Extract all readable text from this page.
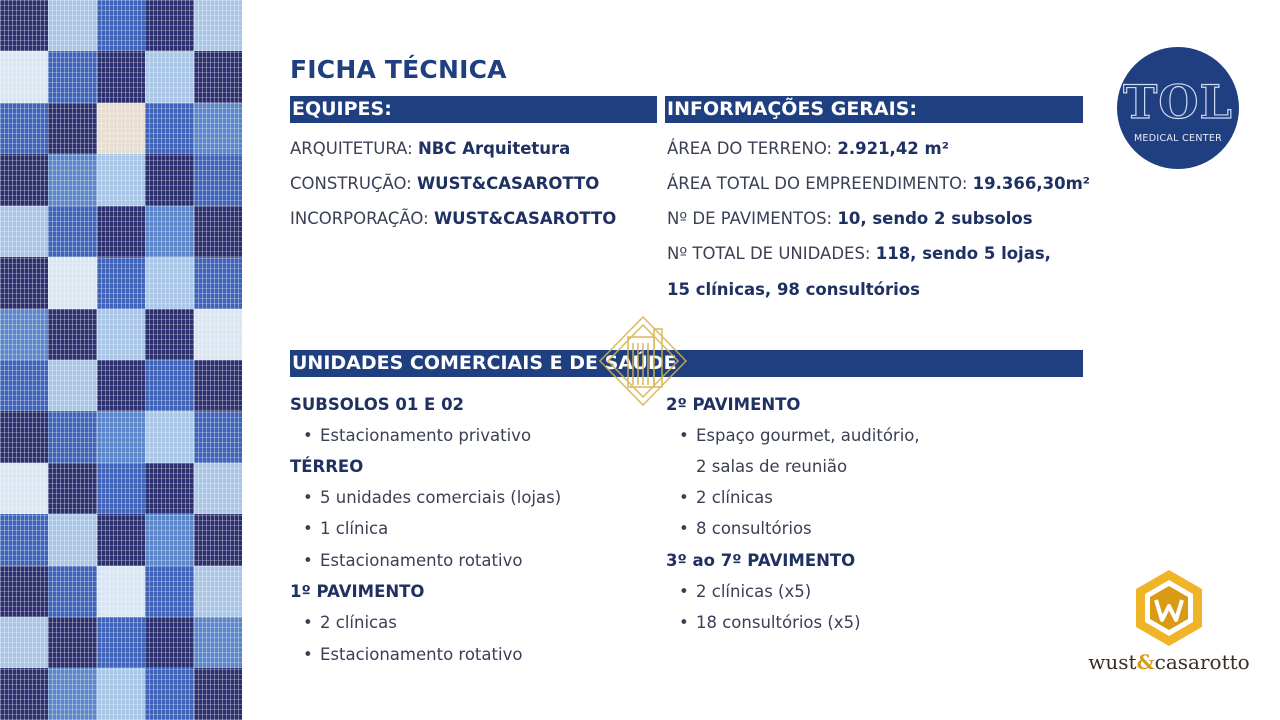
FICHA TÉCNICA
EQUIPES:
ARQUITETURA: NBC Arquitetura
CONSTRUÇÃO: WUST&CASAROTTO
INCORPORAÇÃO: WUST&CASAROTTO
INFORMAÇÕES GERAIS:
ÁREA DO TERRENO: 2.921,42 m²
ÁREA TOTAL DO EMPREENDIMENTO: 19.366,30m²
Nº DE PAVIMENTOS: 10, sendo 2 subsolos
Nº TOTAL DE UNIDADES: 118, sendo 5 lojas,
15 clínicas, 98 consultórios
UNIDADES COMERCIAIS E DE SAÚDE
SUBSOLOS 01 E 02
• Estacionamento privativo
TÉRREO
• 5 unidades comerciais (lojas)
• 1 clínica
• Estacionamento rotativo
1º PAVIMENTO
• 2 clínicas
• Estacionamento rotativo
2º PAVIMENTO
• Espaço gourmet, auditório,
2 salas de reunião
• 2 clínicas
• 8 consultórios
3º ao 7º PAVIMENTO
• 2 clínicas (x5)
• 18 consultórios (x5)
TOL
MEDICAL CENTER
wust&casarotto
